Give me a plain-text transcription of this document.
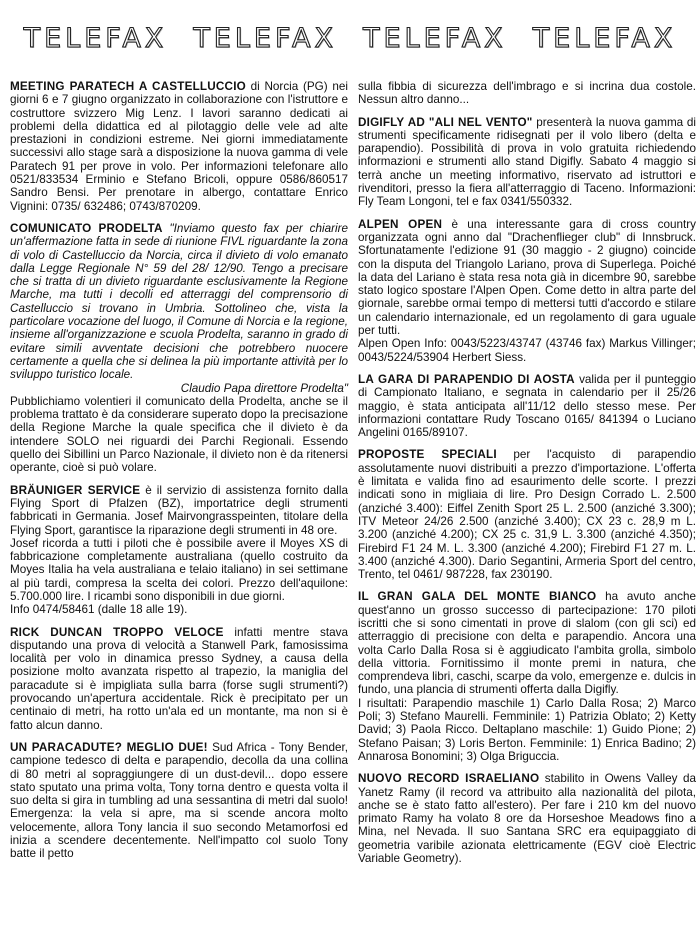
TELEFAX TELEFAX TELEFAX TELEFAX

MEETING PARATECH A CASTELLUCCIO di Norcia (PG) nei giorni 6 e 7 giugno organizzato in collaborazione con l'istruttore e costruttore svizzero Mig Lenz. I lavori saranno dedicati ai problemi della didattica ed al pilotaggio delle vele ad alte prestazioni in condizioni estreme. Nei giorni immediatamente successivi allo stage sarà a disposizione la nuova gamma di vele Paratech 91 per prove in volo. Per informazioni telefonare allo 0521/833534 Erminio e Stefano Bricoli, oppure 0586/860517 Sandro Bensi. Per prenotare in albergo, contattare Enrico Vignini: 0735/ 632486; 0743/870209.

COMUNICATO PRODELTA "Inviamo questo fax per chiarire un'affermazione fatta in sede di riunione FIVL riguardante la zona di volo di Castelluccio da Norcia, circa il divieto di volo emanato dalla Legge Regionale N° 59 del 28/ 12/90. Tengo a precisare che si tratta di un divieto riguardante esclusivamente la Regione Marche, ma tutti i decolli ed atterraggi del comprensorio di Castelluccio si trovano in Umbria. Sottolineo che, vista la particolare vocazione del luogo, il Comune di Norcia e la regione, insieme all'organizzazione e scuola Prodelta, saranno in grado di evitare simili avventate decisioni che potrebbero nuocere certamente a quella che si delinea la più importante attività per lo sviluppo turistico locale.

Claudio Papa direttore Prodelta"

Pubblichiamo volentieri il comunicato della Prodelta, anche se il problema trattato è da considerare superato dopo la precisazione della Regione Marche la quale specifica che il divieto è da intendere SOLO nei riguardi dei Parchi Regionali. Essendo quello dei Sibillini un Parco Nazionale, il divieto non è da ritenersi operante, cioè si può volare.

BRÄUNIGER SERVICE è il servizio di assistenza fornito dalla Flying Sport di Pfalzen (BZ), importatrice degli strumenti fabbricati in Germania. Josef Mairvongrasspeinten, titolare della Flying Sport, garantisce la riparazione degli strumenti in 48 ore.

Josef ricorda a tutti i piloti che è possibile avere il Moyes XS di fabbricazione completamente australiana (quello costruito da Moyes Italia ha vela australiana e telaio italiano) in sei settimane al più tardi, compresa la scelta dei colori. Prezzo dell'aquilone: 5.700.000 lire. I ricambi sono disponibili in due giorni.

Info 0474/58461 (dalle 18 alle 19).

RICK DUNCAN TROPPO VELOCE infatti mentre stava disputando una prova di velocità a Stanwell Park, famosissima località per volo in dinamica presso Sydney, a causa della posizione molto avanzata rispetto al trapezio, la maniglia del paracadute si è impigliata sulla barra (forse sugli strumenti?) provocando un'apertura accidentale. Rick è precipitato per un centinaio di metri, ha rotto un'ala ed un montante, ma non si è fatto alcun danno.

UN PARACADUTE? MEGLIO DUE! Sud Africa - Tony Bender, campione tedesco di delta e parapendio, decolla da una collina di 80 metri al sopraggiungere di un dust-devil... dopo essere stato sputato una prima volta, Tony torna dentro e questa volta il suo delta si gira in tumbling ad una sessantina di metri dal suolo! Emergenza: la vela si apre, ma si scende ancora molto velocemente, allora Tony lancia il suo secondo Metamorfosi ed inizia a scendere decentemente. Nell'impatto col suolo Tony batte il petto

sulla fibbia di sicurezza dell'imbrago e si incrina dua costole. Nessun altro danno...

DIGIFLY AD "ALI NEL VENTO" presenterà la nuova gamma di strumenti specificamente ridisegnati per il volo libero (delta e parapendio). Possibilità di prova in volo gratuita richiedendo informazioni e strumenti allo stand Digifly. Sabato 4 maggio si terrà anche un meeting informativo, riservato ad istruttori e rivenditori, presso la fiera all'atterraggio di Taceno. Informazioni: Fly Team Longoni, tel e fax 0341/550332.

ALPEN OPEN è una interessante gara di cross country organizzata ogni anno dal "Drachenflieger club" di Innsbruck. Sfortunatamente l'edizione 91 (30 maggio - 2 giugno) coincide con la disputa del Triangolo Lariano, prova di Superlega. Poiché la data del Lariano è stata resa nota già in dicembre 90, sarebbe stato logico spostare l'Alpen Open. Come detto in altra parte del giornale, sarebbe ormai tempo di mettersi tutti d'accordo e stilare un calendario internazionale, ed un regolamento di gara uguale per tutti.

Alpen Open Info: 0043/5223/43747 (43746 fax) Markus Villinger; 0043/5224/53904 Herbert Siess.

LA GARA DI PARAPENDIO DI AOSTA valida per il punteggio di Campionato Italiano, e segnata in calendario per il 25/26 maggio, è stata anticipata all'11/12 dello stesso mese. Per informazioni contattare Rudy Toscano 0165/ 841394 o Luciano Angelini 0165/89107.

PROPOSTE SPECIALI per l'acquisto di parapendio assolutamente nuovi distribuiti a prezzo d'importazione. L'offerta è limitata e valida fino ad esaurimento delle scorte. I prezzi indicati sono in migliaia di lire. Pro Design Corrado L. 2.500 (anziché 3.400): Eiffel Zenith Sport 25 L. 2.500 (anziché 3.300); ITV Meteor 24/26 2.500 (anziché 3.400); CX 23 c. 28,9 m L. 3.200 (anziché 4.200); CX 25 c. 31,9 L. 3.300 (anziché 4.350); Firebird F1 24 M. L. 3.300 (anziché 4.200); Firebird F1 27 m. L. 3.400 (anziché 4.300). Dario Segantini, Armeria Sport del centro, Trento, tel 0461/ 987228, fax 230190.

IL GRAN GALA DEL MONTE BIANCO ha avuto anche quest'anno un grosso successo di partecipazione: 170 piloti iscritti che si sono cimentati in prove di slalom (con gli sci) ed atterraggio di precisione con delta e parapendio. Ancora una volta Carlo Dalla Rosa si è aggiudicato l'ambita grolla, simbolo della vittoria. Fornitissimo il monte premi in natura, che comprendeva libri, caschi, scarpe da volo, emergenze e. dulcis in fundo, una plancia di strumenti offerta dalla Digifly.

I risultati: Parapendio maschile 1) Carlo Dalla Rosa; 2) Marco Poli; 3) Stefano Maurelli. Femminile: 1) Patrizia Oblato; 2) Ketty David; 3) Paola Ricco. Deltaplano maschile: 1) Guido Pione; 2) Stefano Paisan; 3) Loris Berton. Femminile: 1) Enrica Badino; 2) Annarosa Bonomini; 3) Olga Briguccia.

NUOVO RECORD ISRAELIANO stabilito in Owens Valley da Yanetz Ramy (il record va attribuito alla nazionalità del pilota, anche se è stato fatto all'estero). Per fare i 210 km del nuovo primato Ramy ha volato 8 ore da Horseshoe Meadows fino a Mina, nel Nevada. Il suo Santana SRC era equipaggiato di geometria varibile azionata elettricamente (EGV cioè Electric Variable Geometry).
